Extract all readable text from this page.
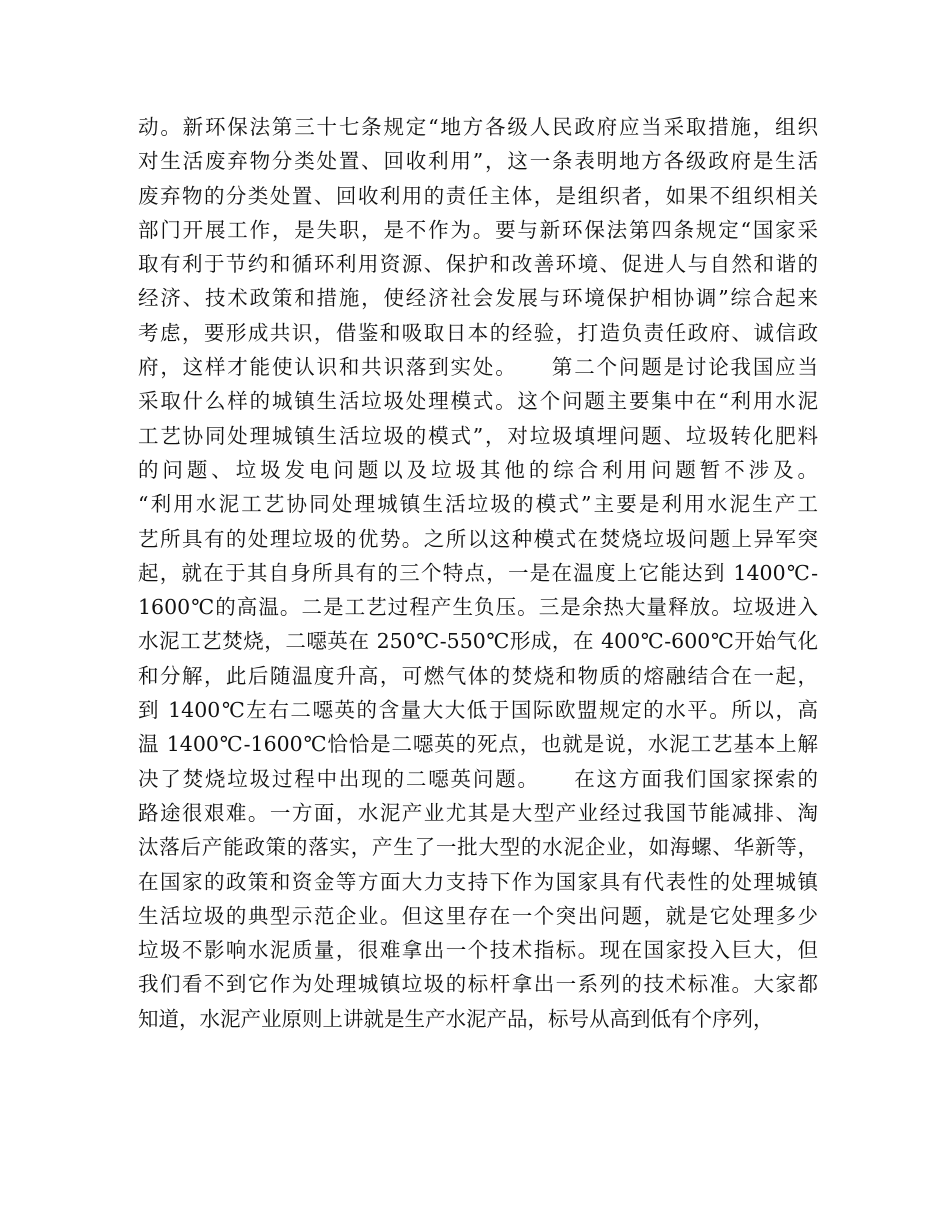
动。新环保法第三十七条规定“地方各级人民政府应当采取措施，组织
对生活废弃物分类处置、回收利用”，这一条表明地方各级政府是生活
废弃物的分类处置、回收利用的责任主体，是组织者，如果不组织相关
部门开展工作，是失职，是不作为。要与新环保法第四条规定“国家采
取有利于节约和循环利用资源、保护和改善环境、促进人与自然和谐的
经济、技术政策和措施，使经济社会发展与环境保护相协调”综合起来
考虑，要形成共识，借鉴和吸取日本的经验，打造负责任政府、诚信政
府，这样才能使认识和共识落到实处。　　第二个问题是讨论我国应当
采取什么样的城镇生活垃圾处理模式。这个问题主要集中在“利用水泥
工艺协同处理城镇生活垃圾的模式”，对垃圾填埋问题、垃圾转化肥料
的问题、垃圾发电问题以及垃圾其他的综合利用问题暂不涉及。
“利用水泥工艺协同处理城镇生活垃圾的模式”主要是利用水泥生产工
艺所具有的处理垃圾的优势。之所以这种模式在焚烧垃圾问题上异军突
起，就在于其自身所具有的三个特点，一是在温度上它能达到 1400℃-
1600℃的高温。二是工艺过程产生负压。三是余热大量释放。垃圾进入
水泥工艺焚烧，二噁英在 250℃-550℃形成，在 400℃-600℃开始气化
和分解，此后随温度升高，可燃气体的焚烧和物质的熔融结合在一起，
到 1400℃左右二噁英的含量大大低于国际欧盟规定的水平。所以，高
温 1400℃-1600℃恰恰是二噁英的死点，也就是说，水泥工艺基本上解
决了焚烧垃圾过程中出现的二噁英问题。　　在这方面我们国家探索的
路途很艰难。一方面，水泥产业尤其是大型产业经过我国节能减排、淘
汰落后产能政策的落实，产生了一批大型的水泥企业，如海螺、华新等，
在国家的政策和资金等方面大力支持下作为国家具有代表性的处理城镇
生活垃圾的典型示范企业。但这里存在一个突出问题，就是它处理多少
垃圾不影响水泥质量，很难拿出一个技术指标。现在国家投入巨大，但
我们看不到它作为处理城镇垃圾的标杆拿出一系列的技术标准。大家都
知道，水泥产业原则上讲就是生产水泥产品，标号从高到低有个序列，
